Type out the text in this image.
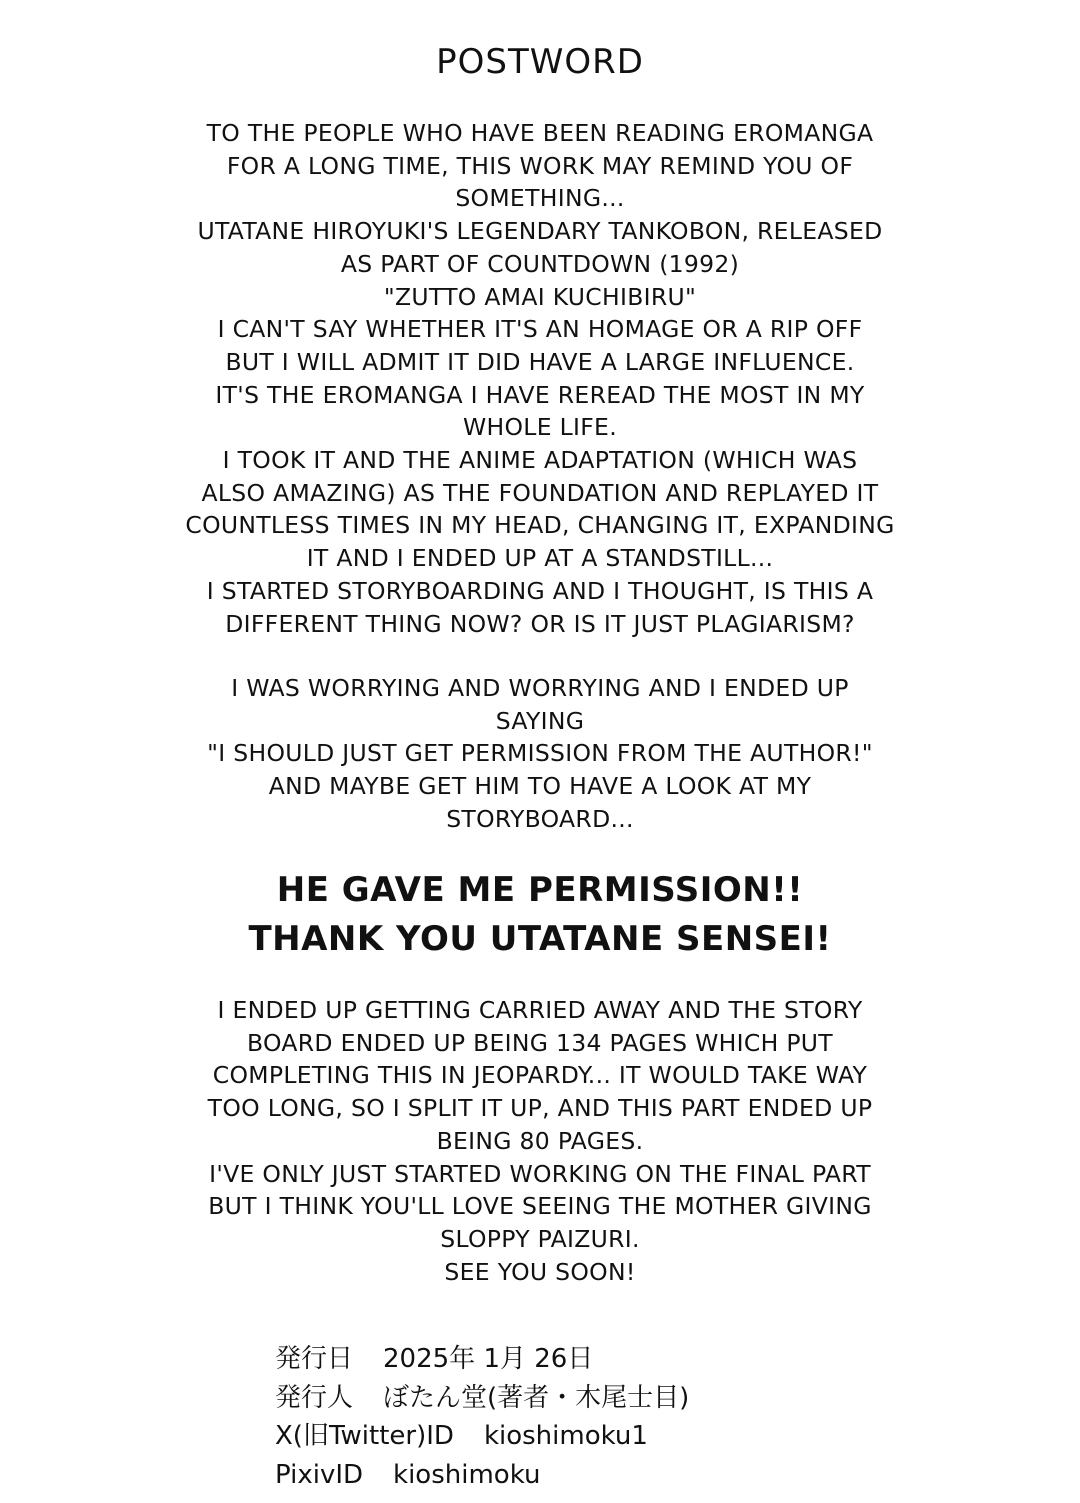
POSTWORD
TO THE PEOPLE WHO HAVE BEEN READING EROMANGA
FOR A LONG TIME, THIS WORK MAY REMIND YOU OF
SOMETHING...
UTATANE HIROYUKI'S LEGENDARY TANKOBON, RELEASED
AS PART OF COUNTDOWN (1992)
"ZUTTO AMAI KUCHIBIRU"
I CAN'T SAY WHETHER IT'S AN HOMAGE OR A RIP OFF
BUT I WILL ADMIT IT DID HAVE A LARGE INFLUENCE.
IT'S THE EROMANGA I HAVE REREAD THE MOST IN MY
WHOLE LIFE.
I TOOK IT AND THE ANIME ADAPTATION (WHICH WAS
ALSO AMAZING) AS THE FOUNDATION AND REPLAYED IT
COUNTLESS TIMES IN MY HEAD, CHANGING IT, EXPANDING
IT AND I ENDED UP AT A STANDSTILL...
I STARTED STORYBOARDING AND I THOUGHT, IS THIS A
DIFFERENT THING NOW? OR IS IT JUST PLAGIARISM?
I WAS WORRYING AND WORRYING AND I ENDED UP
SAYING
"I SHOULD JUST GET PERMISSION FROM THE AUTHOR!"
AND MAYBE GET HIM TO HAVE A LOOK AT MY
STORYBOARD...
HE GAVE ME PERMISSION!!
THANK YOU UTATANE SENSEI!
I ENDED UP GETTING CARRIED AWAY AND THE STORY
BOARD ENDED UP BEING 134 PAGES WHICH PUT
COMPLETING THIS IN JEOPARDY... IT WOULD TAKE WAY
TOO LONG, SO I SPLIT IT UP, AND THIS PART ENDED UP
BEING 80 PAGES.
I'VE ONLY JUST STARTED WORKING ON THE FINAL PART
BUT I THINK YOU'LL LOVE SEEING THE MOTHER GIVING
SLOPPY PAIZURI.
SEE YOU SOON!
発行日 2025年 1月 26日
発行人 ぼたん堂(著者・木尾士目)
X(旧Twitter)ID kioshimoku1
PixivID kioshimoku
